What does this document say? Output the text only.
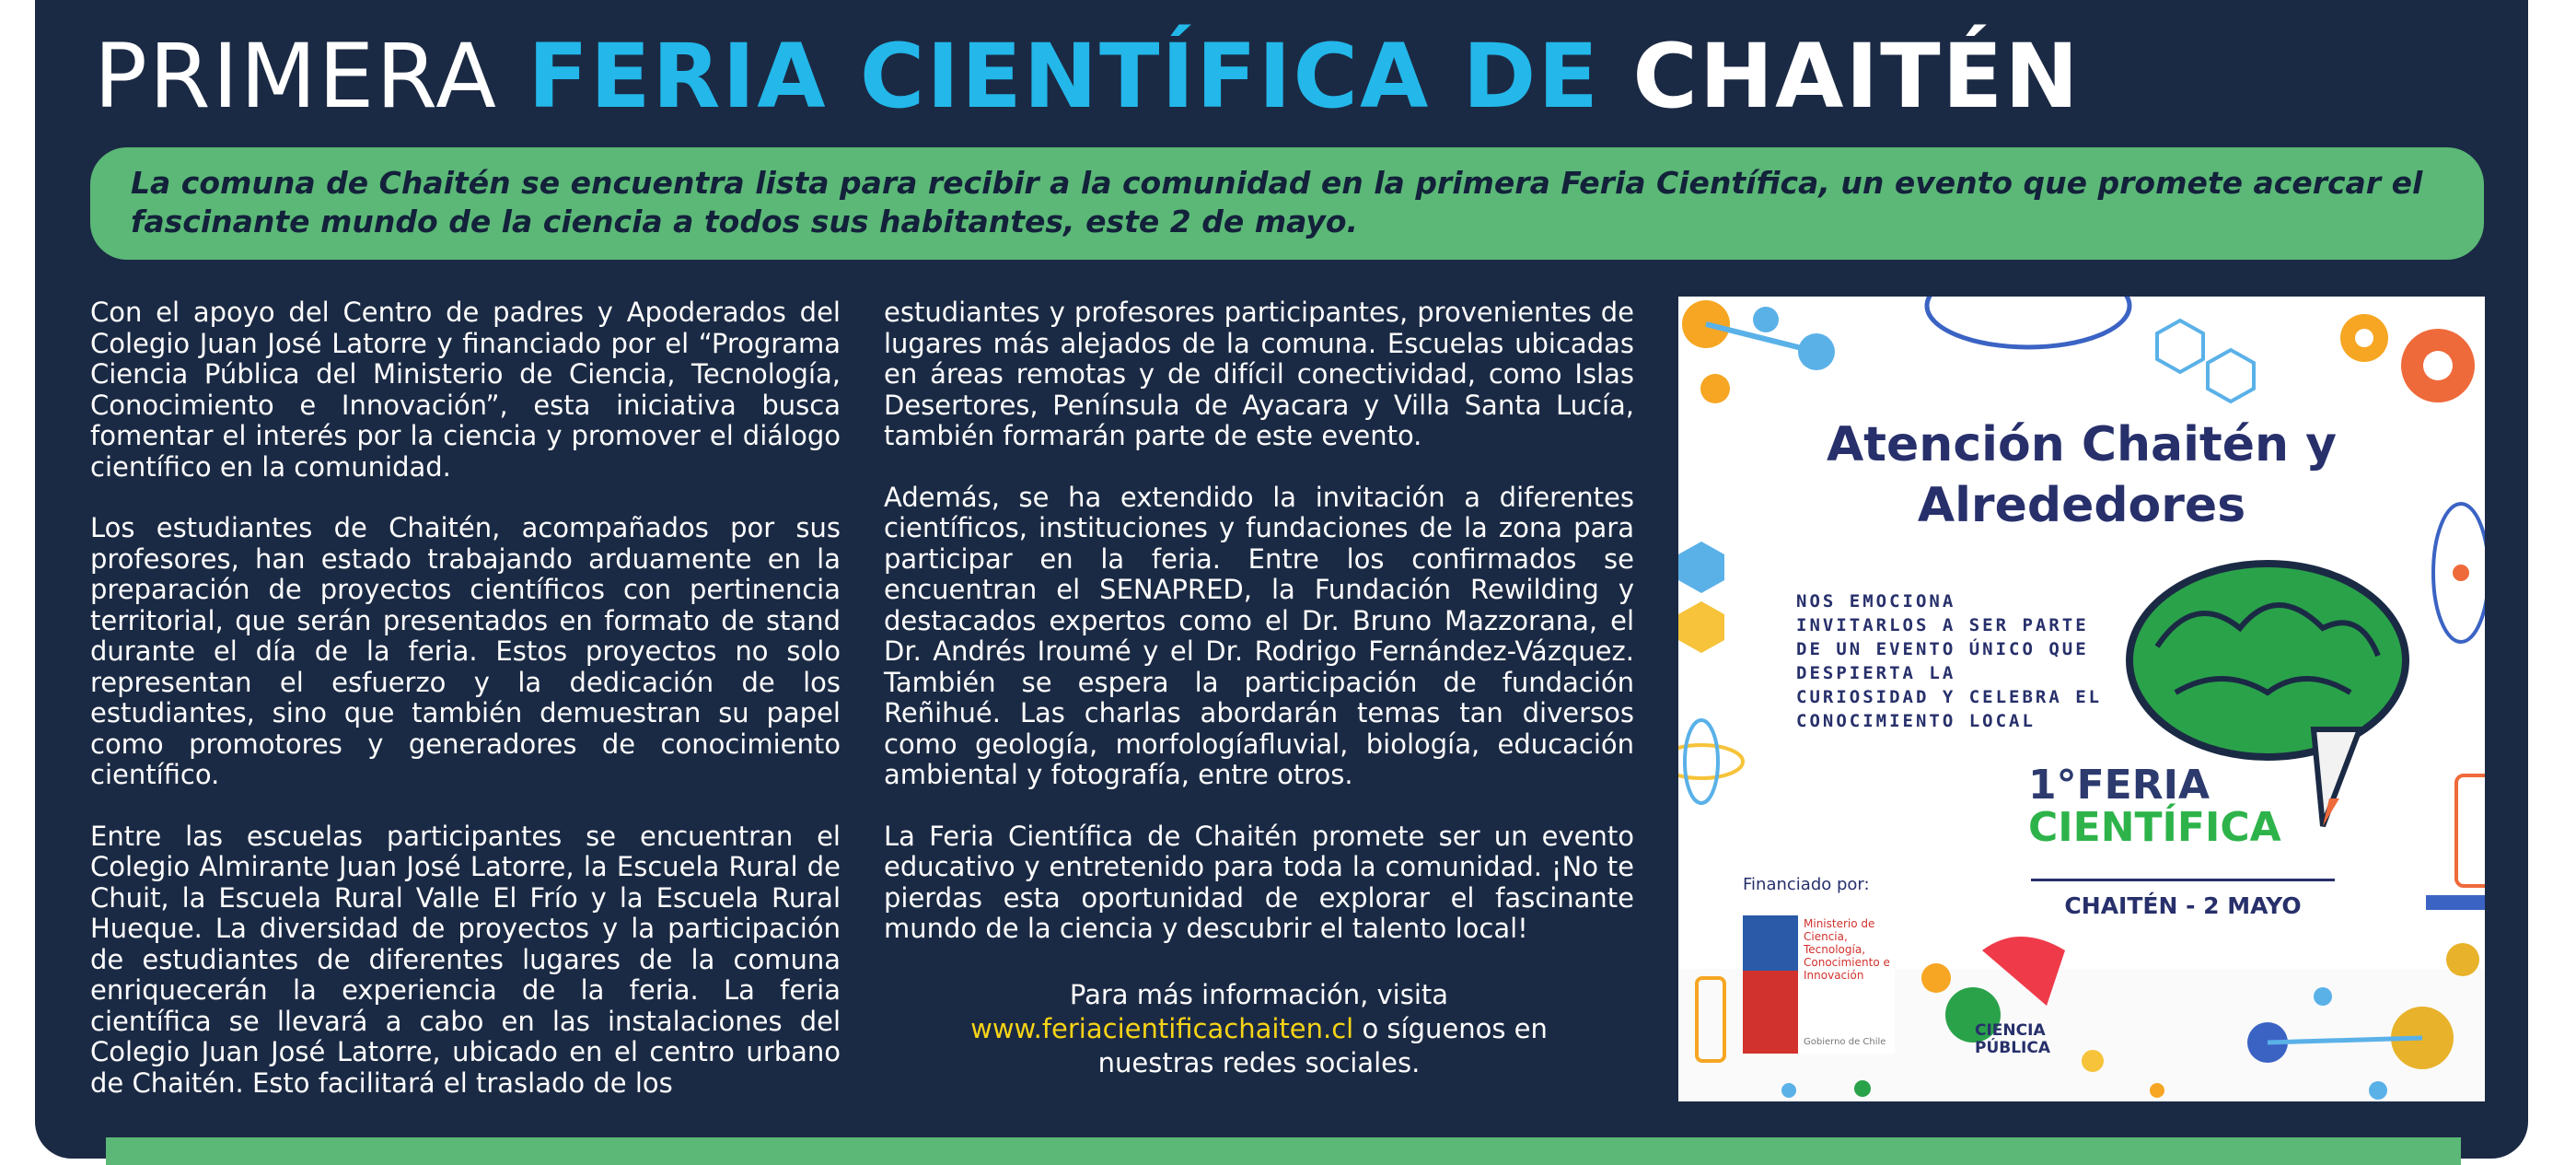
PRIMERA FERIA CIENTÍFICA DE CHAITÉN
La comuna de Chaitén se encuentra lista para recibir a la comunidad en la primera Feria Científica, un evento que promete acercar el fascinante mundo de la ciencia a todos sus habitantes, este 2 de mayo.

Con el apoyo del Centro de padres y Apoderados del Colegio Juan José Latorre y financiado por el “Programa Ciencia Pública del Ministerio de Ciencia, Tecnología, Conocimiento e Innovación”, esta iniciativa busca fomentar el interés por la ciencia y promover el diálogo científico en la comunidad.

Los estudiantes de Chaitén, acompañados por sus profesores, han estado trabajando arduamente en la preparación de proyectos científicos con pertinencia territorial, que serán presentados en formato de stand durante el día de la feria. Estos proyectos no solo representan el esfuerzo y la dedicación de los estudiantes, sino que también demuestran su papel como promotores y generadores de conocimiento científico.

Entre las escuelas participantes se encuentran el Colegio Almirante Juan José Latorre, la Escuela Rural de Chuit, la Escuela Rural Valle El Frío y la Escuela Rural Hueque. La diversidad de proyectos y la participación de estudiantes de diferentes lugares de la comuna enriquecerán la experiencia de la feria. La feria científica se llevará a cabo en las instalaciones del Colegio Juan José Latorre, ubicado en el centro urbano de Chaitén. Esto facilitará el traslado de los

estudiantes y profesores participantes, provenientes de lugares más alejados de la comuna. Escuelas ubicadas en áreas remotas y de difícil conectividad, como Islas Desertores, Península de Ayacara y Villa Santa Lucía, también formarán parte de este evento.

Además, se ha extendido la invitación a diferentes científicos, instituciones y fundaciones de la zona para participar en la feria. Entre los confirmados se encuentran el SENAPRED, la Fundación Rewilding y destacados expertos como el Dr. Bruno Mazzorana, el Dr. Andrés Iroumé y el Dr. Rodrigo Fernández-Vázquez. También se espera la participación de fundación Reñihué. Las charlas abordarán temas tan diversos como geología, morfologíafluvial, biología, educación ambiental y fotografía, entre otros.

La Feria Científica de Chaitén promete ser un evento educativo y entretenido para toda la comunidad. ¡No te pierdas esta oportunidad de explorar el fascinante mundo de la ciencia y descubrir el talento local!

Para más información, visita
www.feriacientificachaiten.cl o síguenos en
nuestras redes sociales.
Atención Chaitén y
Alrededores
NOS EMOCIONA
INVITARLOS A SER PARTE
DE UN EVENTO ÚNICO QUE
DESPIERTA LA
CURIOSIDAD Y CELEBRA EL
CONOCIMIENTO LOCAL
1°FERIA
CIENTÍFICA
CHAITÉN - 2 MAYO
Financiado por:
Ministerio de Ciencia, Tecnología, Conocimiento e Innovación
Gobierno de Chile
CIENCIA
PÚBLICA
